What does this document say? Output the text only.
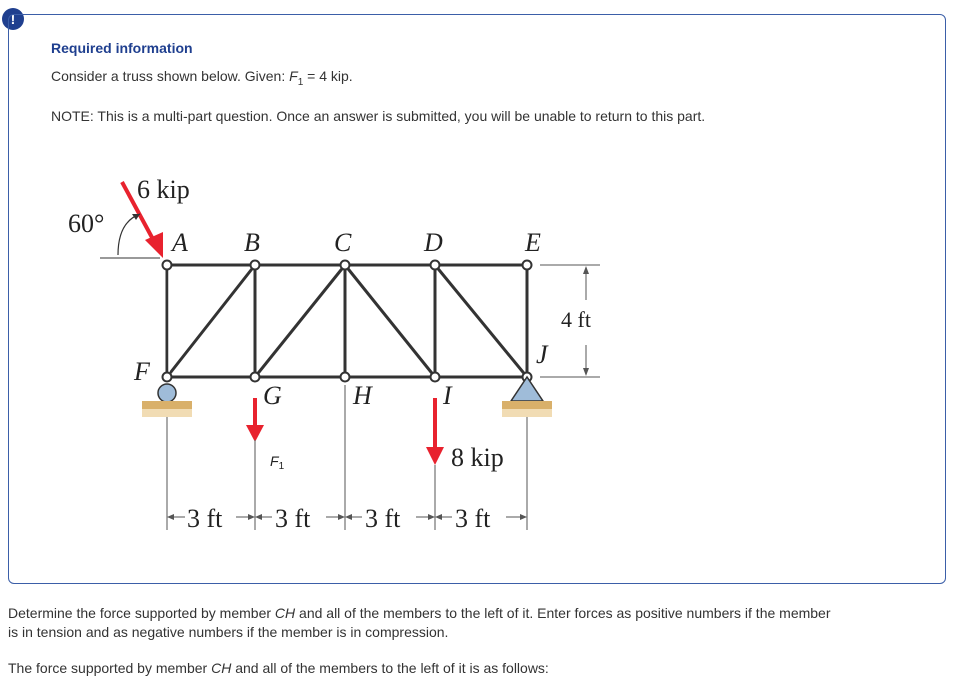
!
Required information
Consider a truss shown below. Given: $F_1 = 4$ kip.
NOTE: This is a multi-part question. Once an answer is submitted, you will be unable to return to this part.
A B	C	D	E
F
G	H	I
J
6 kip
60°
8 kip
4 ft
3 ft 3 ft 3 ft 3 ft
$F_1$
Determine the force supported by member CH and all of the members to the left of it. Enter forces as positive numbers if the member
is in tension and as negative numbers if the member is in compression.
The force supported by member CH and all of the members to the left of it is as follows:
